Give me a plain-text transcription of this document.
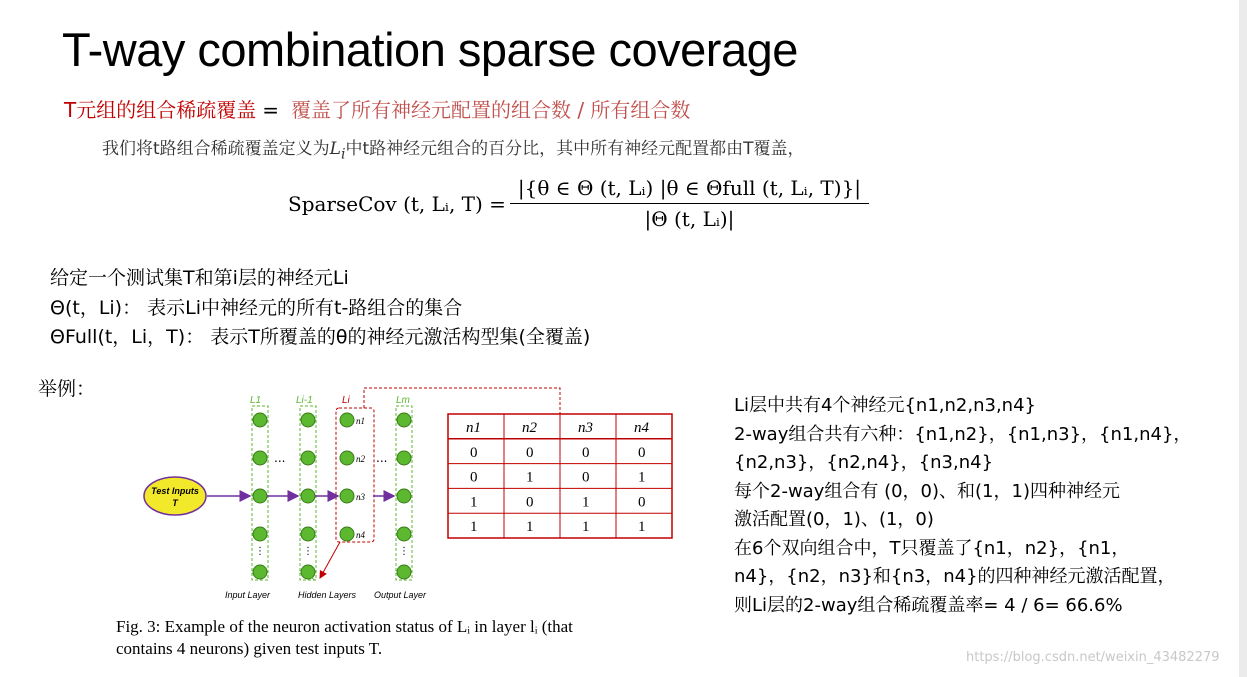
T-way combination sparse coverage
T元组的组合稀疏覆盖 = 覆盖了所有神经元配置的组合数 / 所有组合数
我们将t路组合稀疏覆盖定义为$L_i$中t路神经元组合的百分比，其中所有神经元配置都由T覆盖，
SparseCov (t, Lᵢ, $T) = \frac{\text{|\{θ ∈ Θ (t, Lᵢ) |θ ∈ Θfull (t, Lᵢ, T)\}|}}{\text{|Θ (t, Lᵢ)|}}$
给定一个测试集T和第i层的神经元Li
Θ(t，Li)： 表示Li中神经元的所有t-路组合的集合
ΘFull(t，Li，T)： 表示T所覆盖的θ的神经元激活构型集(全覆盖)
举例：
L1	Li-1	Li	Lm
⋮	⋮
n1
n2
n3
n4
⋮
Test Inputs
T
...	...
Input Layer	Hidden Layers Output Layer
n1	n2	n3	n4
0	0	0	0
0	1	0	1
1	0	1	0
1	1	1	1
Fig. 3: Example of the neuron activation status of Lᵢ in layer lᵢ (that
contains 4 neurons) given test inputs T.
Li层中共有4个神经元{n1,n2,n3,n4}
2-way组合共有六种：{n1,n2}，{n1,n3}，{n1,n4}，
{n2,n3}，{n2,n4}，{n3,n4}
每个2-way组合有 (0，0)、和(1，1)四种神经元
激活配置(0，1)、(1，0)
在6个双向组合中，T只覆盖了{n1，n2}，{n1，
n4}，{n2，n3}和{n3，n4}的四种神经元激活配置，
则Li层的2-way组合稀疏覆盖率= 4 / 6= 66.6%
https://blog.csdn.net/weixin_43482279
